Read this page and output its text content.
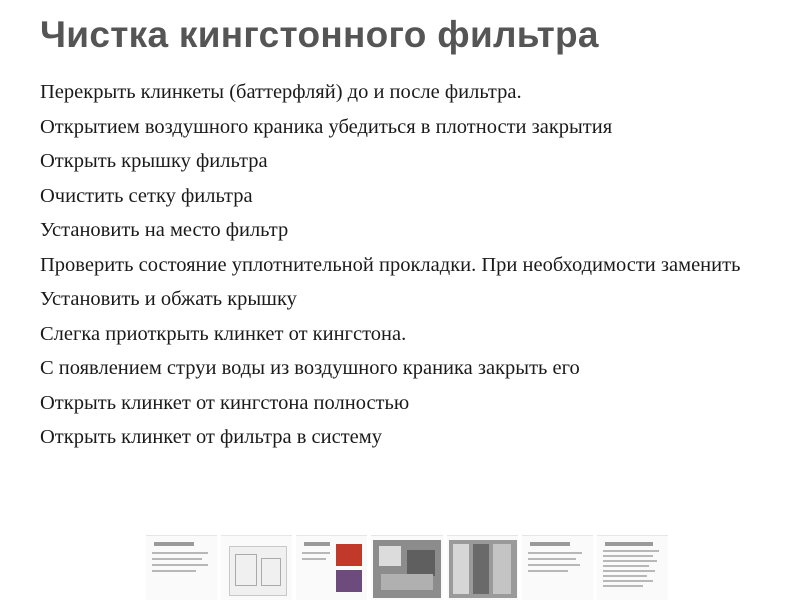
Чистка кингстонного фильтра
Перекрыть клинкеты (баттерфляй) до и после фильтра.
Открытием воздушного краника убедиться в плотности закрытия
Открыть крышку фильтра
Очистить сетку фильтра
Установить на место фильтр
Проверить состояние уплотнительной прокладки. При необходимости заменить
Установить и обжать крышку
Слегка приоткрыть клинкет от кингстона.
С появлением струи воды из воздушного краника закрыть его
Открыть клинкет от кингстона полностью
Открыть клинкет от фильтра в систему
